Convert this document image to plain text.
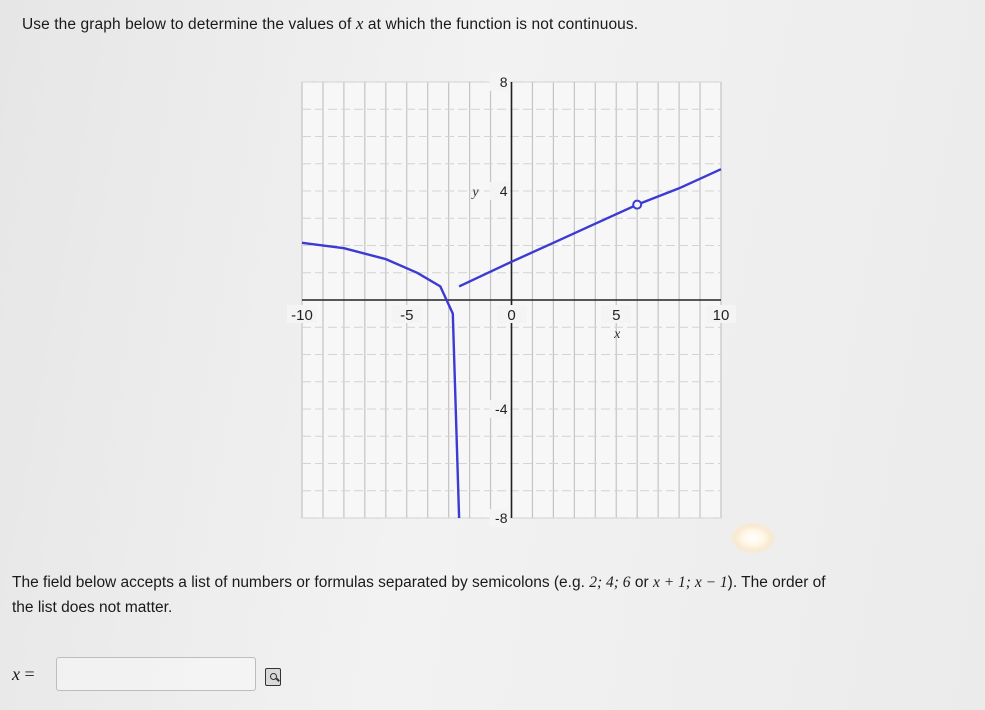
Use the graph below to determine the values of x at which the function is not continuous.
-10	-5	0	5	10
8
4
-4
-8
x
y
The field below accepts a list of numbers or formulas separated by semicolons (e.g. 2; 4; 6 or x + 1; x − 1). The order of
the list does not matter.
x =
